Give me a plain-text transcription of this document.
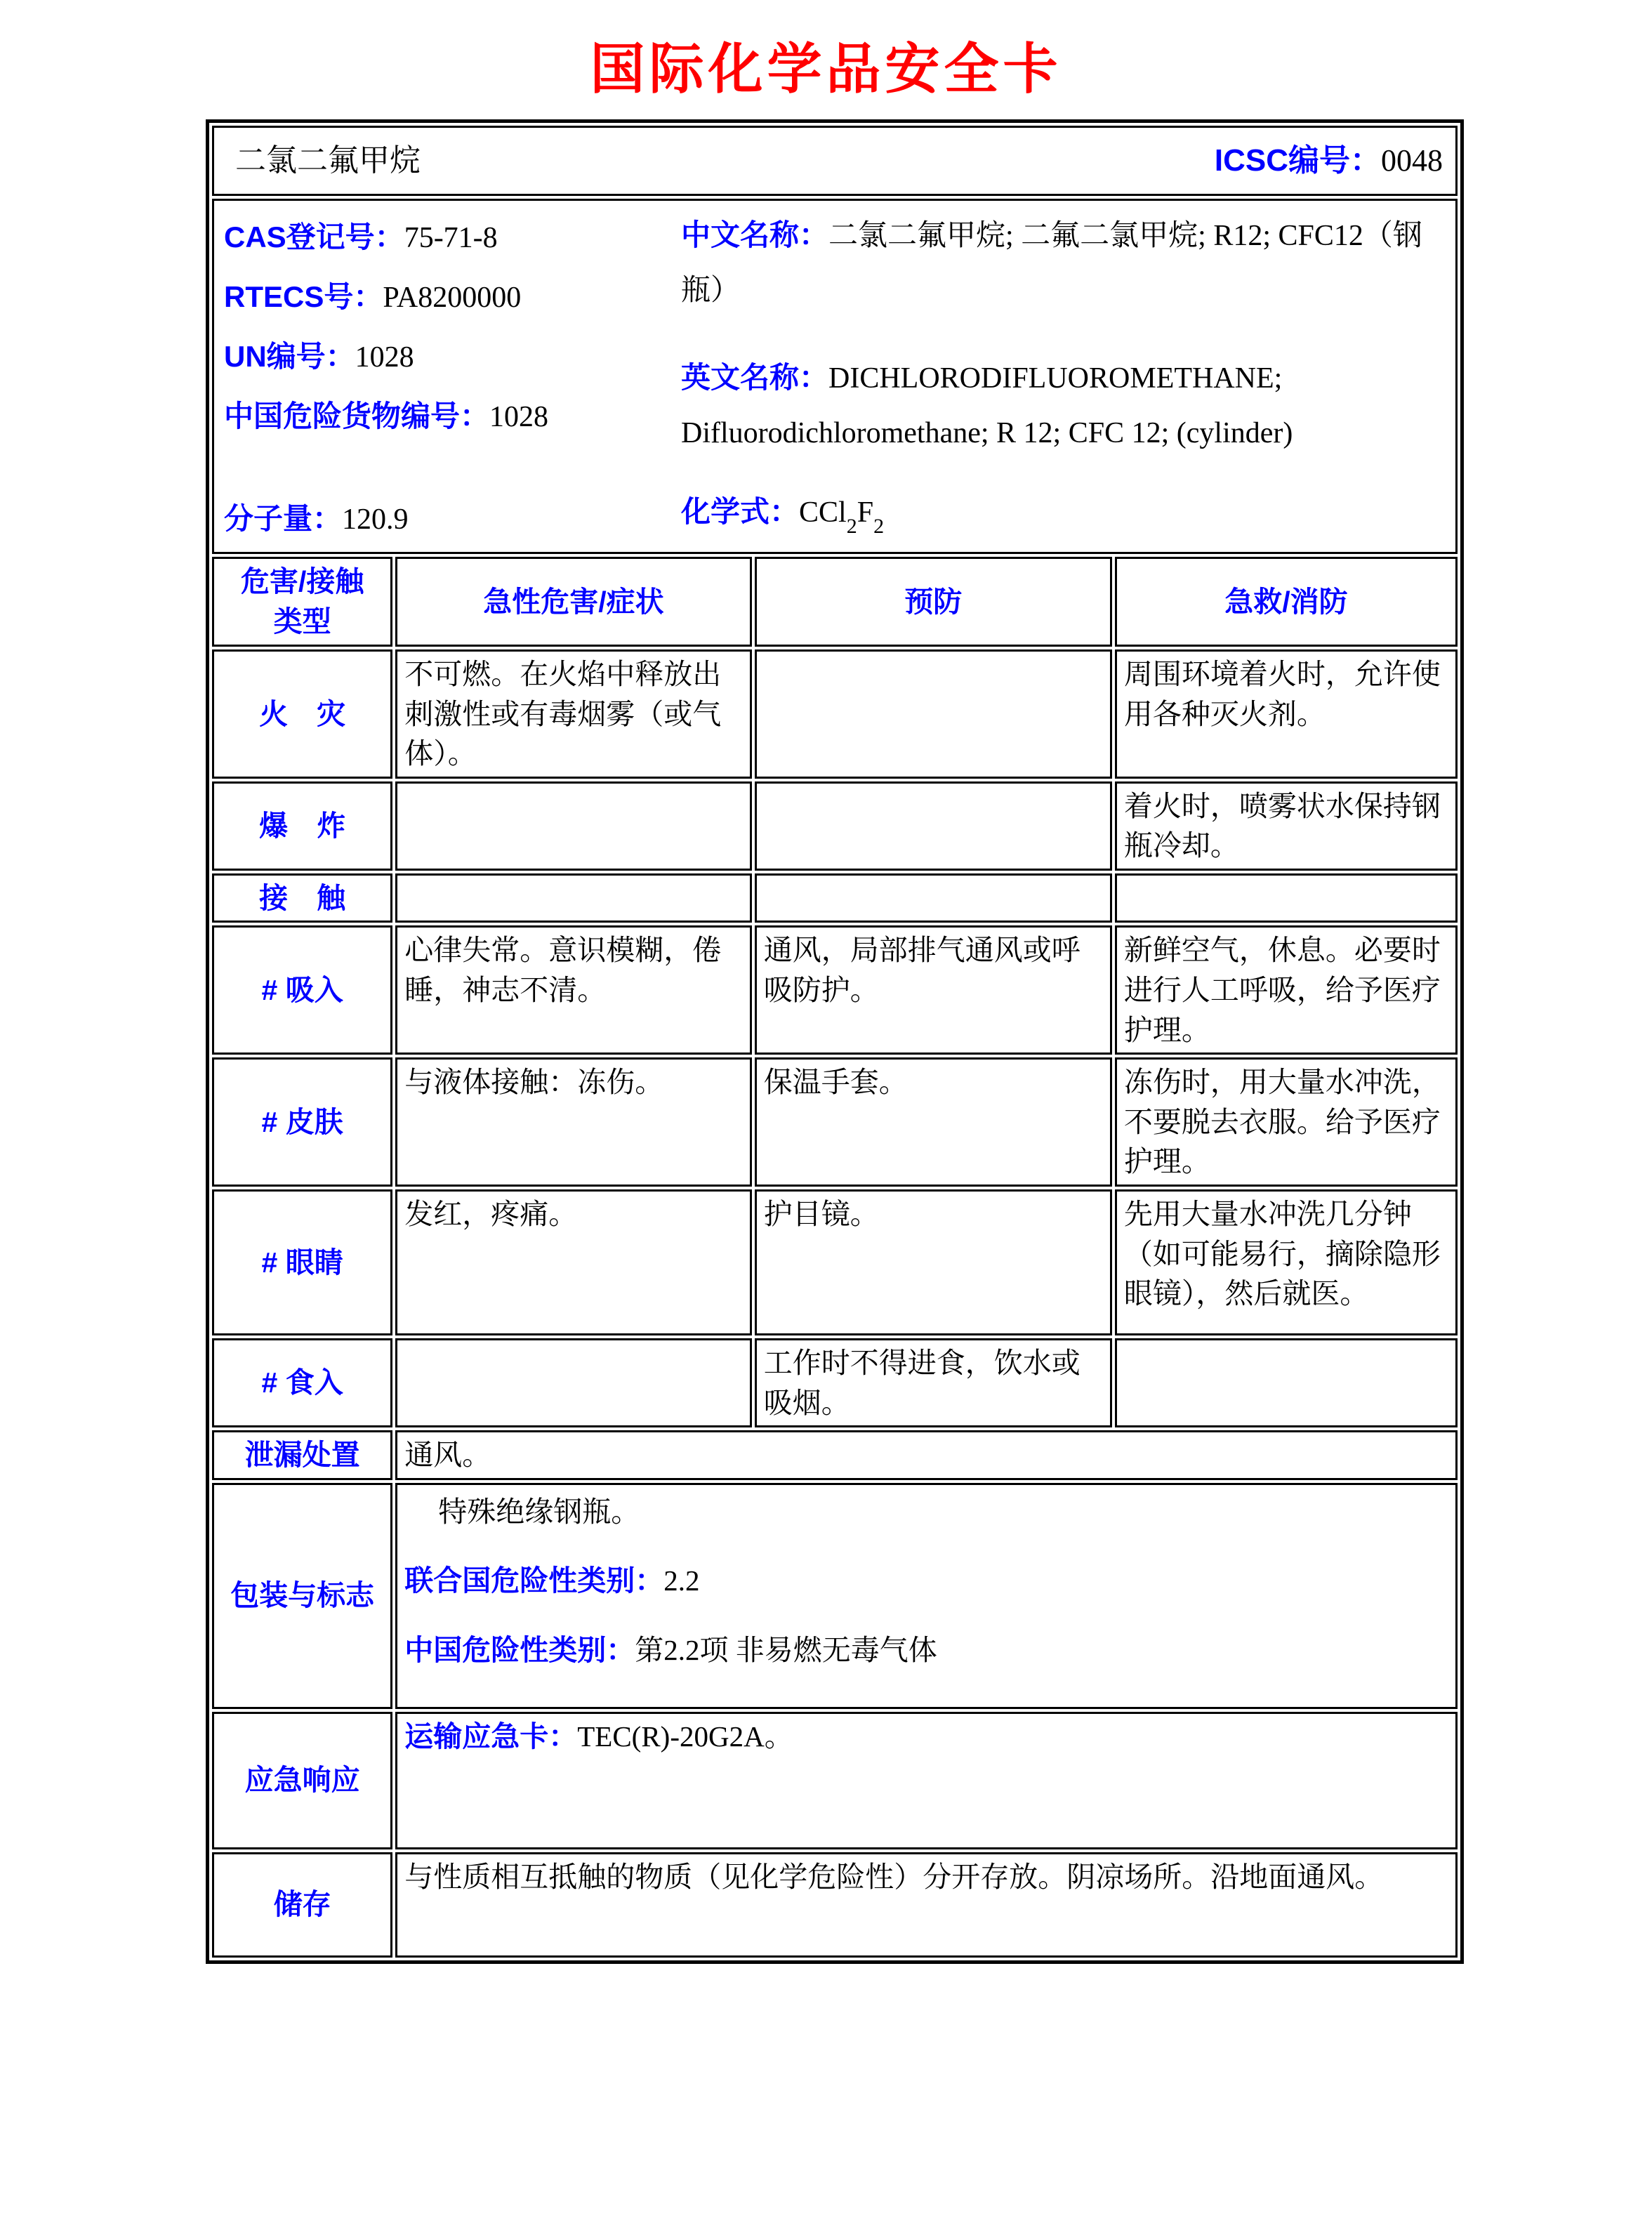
国际化学品安全卡
二氯二氟甲烷 ICSC编号：0048			

CAS登记号：75-71-8
RTECS号：PA8200000
UN编号：1028
中国危险货物编号：1028

中文名称：二氯二氟甲烷; 二氟二氯甲烷; R12; CFC12（钢瓶）

英文名称：DICHLORODIFLUOROMETHANE; Difluorodichloromethane; R 12; CFC 12; (cylinder)

分子量：120.9	化学式：$CCl_2F_2$

危害/接触
类型	急性危害/症状	预防	急救/消防
火　灾	不可燃。在火焰中释放出刺激性或有毒烟雾（或气体）。		周围环境着火时，允许使用各种灭火剂。
爆　炸			着火时，喷雾状水保持钢瓶冷却。
接　触			
# 吸入	心律失常。意识模糊，倦睡，神志不清。	通风，局部排气通风或呼吸防护。	新鲜空气，休息。必要时进行人工呼吸，给予医疗护理。
# 皮肤	与液体接触：冻伤。	保温手套。	冻伤时，用大量水冲洗，不要脱去衣服。给予医疗护理。
# 眼睛	发红，疼痛。	护目镜。	先用大量水冲洗几分钟（如可能易行，摘除隐形眼镜），然后就医。
# 食入		工作时不得进食，饮水或吸烟。	
泄漏处置	通风。		
包装与标志	特殊绝缘钢瓶。

联合国危险性类别：2.2

中国危险性类别：第2.2项 非易燃无毒气体		

应急响应	运输应急卡：TEC(R)-20G2A。		
储存	与性质相互抵触的物质（见化学危险性）分开存放。阴凉场所。沿地面通风。		
